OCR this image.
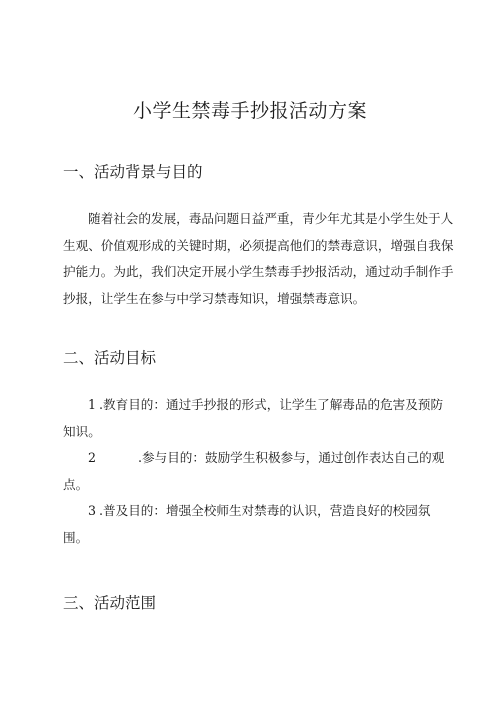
小学生禁毒手抄报活动方案
一、活动背景与目的

随着社会的发展，毒品问题日益严重，青少年尤其是小学生处于人
生观、价值观形成的关键时期，必须提高他们的禁毒意识，增强自我保
护能力。为此，我们决定开展小学生禁毒手抄报活动，通过动手制作手
抄报，让学生在参与中学习禁毒知识，增强禁毒意识。

二、活动目标

1 .教育目的：通过手抄报的形式，让学生了解毒品的危害及预防
知识。

2	.参与目的：鼓励学生积极参与，通过创作表达自己的观
点。

3 .普及目的：增强全校师生对禁毒的认识，营造良好的校园氛
围。

三、活动范围
